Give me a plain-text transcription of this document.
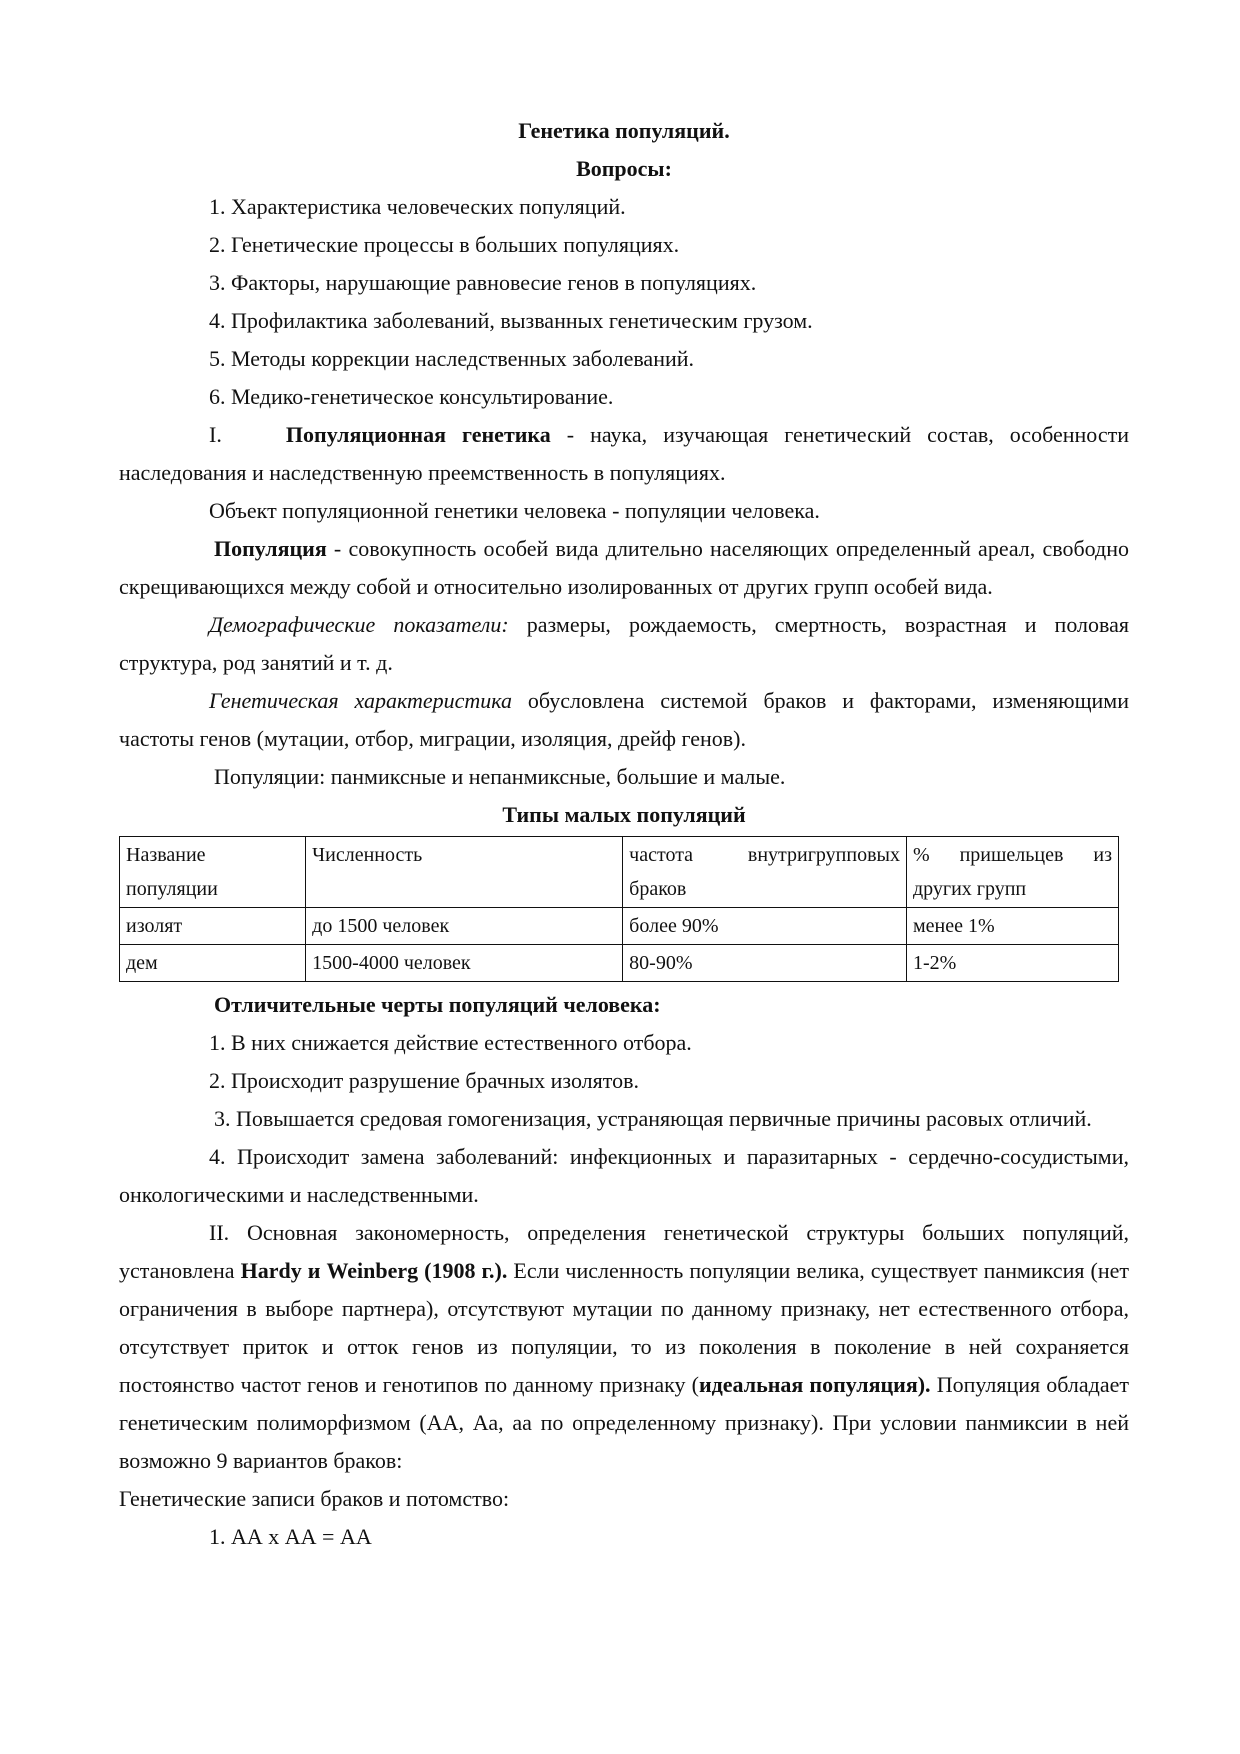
Генетика популяций.

Вопросы:

1. Характеристика человеческих популяций.

2. Генетические процессы в больших популяциях.

3. Факторы, нарушающие равновесие генов в популяциях.

4. Профилактика заболеваний, вызванных генетическим грузом.

5. Методы коррекции наследственных заболеваний.

6. Медико-генетическое консультирование.

I.	Популяционная генетика - наука, изучающая генетический состав, особенности наследования и наследственную преемственность в популяциях.

Объект популяционной генетики человека - популяции человека.

Популяция - совокупность особей вида длительно населяющих определенный ареал, свободно скрещивающихся между собой и относительно изолированных от других групп особей вида.

Демографические показатели: размеры, рождаемость, смертность, возрастная и половая структура, род занятий и т. д.

Генетическая характеристика обусловлена системой браков и факторами, изменяющими частоты генов (мутации, отбор, миграции, изоляция, дрейф генов).

Популяции: панмиксные и непанмиксные, большие и малые.

Типы малых популяций

Название популяции	Численность	частота внутригрупповых браков	% пришельцев из других групп
изолят	до 1500 человек	более 90%	менее 1%
дем	1500-4000 человек	80-90%	1-2%

Отличительные черты популяций человека:

1. В них снижается действие естественного отбора.

2. Происходит разрушение брачных изолятов.

3. Повышается средовая гомогенизация, устраняющая первичные причины расовых отличий.

4. Происходит замена заболеваний: инфекционных и паразитарных - сердечно-сосудистыми, онкологическими и наследственными.

II. Основная закономерность, определения генетической структуры больших популяций, установлена Hardy и Weinberg (1908 г.). Если численность популяции велика, существует панмиксия (нет ограничения в выборе партнера), отсутствуют мутации по данному признаку, нет естественного отбора, отсутствует приток и отток генов из популяции, то из поколения в поколение в ней сохраняется постоянство частот генов и генотипов по данному признаку (идеальная популяция). Популяция обладает генетическим полиморфизмом (АА, Аа, аа по определенному признаку). При условии панмиксии в ней возможно 9 вариантов браков:

Генетические записи браков и потомство:

1. АА х АА = АА
